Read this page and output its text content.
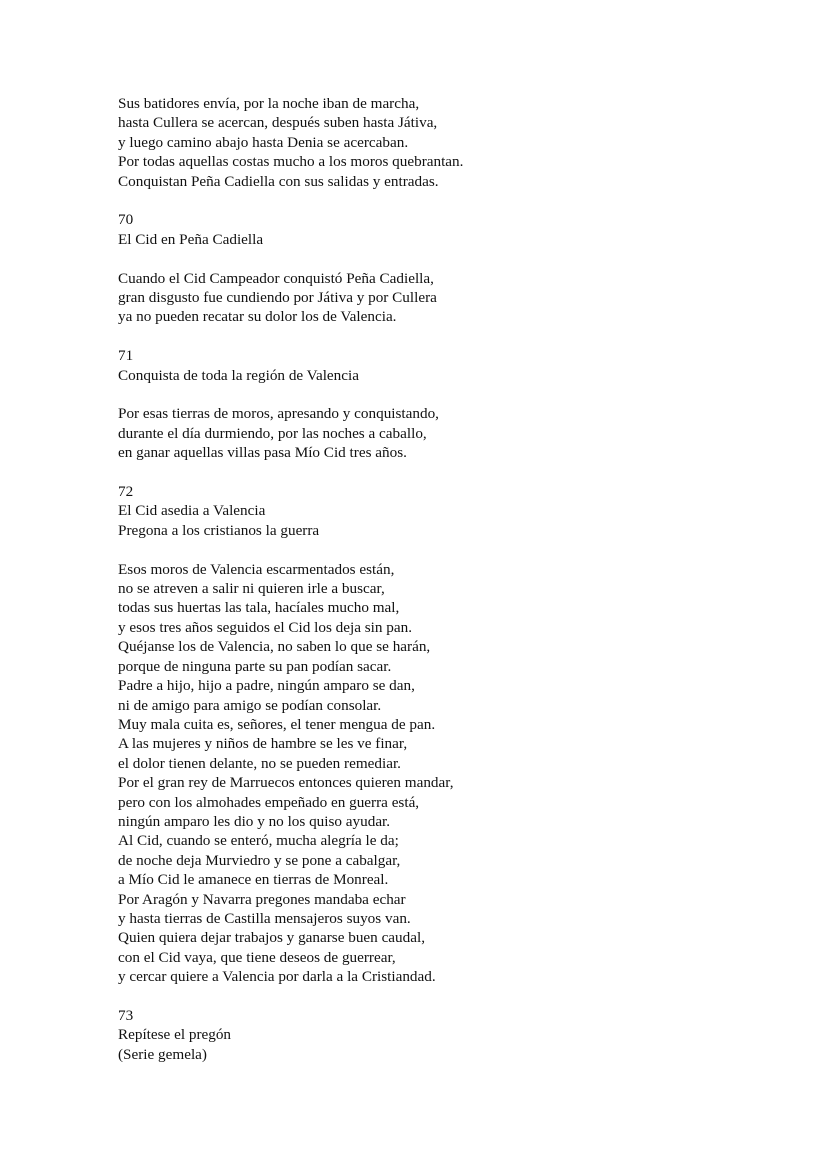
Sus batidores envía, por la noche iban de marcha,
hasta Cullera se acercan, después suben hasta Játiva,
y luego camino abajo hasta Denia se acercaban.
Por todas aquellas costas mucho a los moros quebrantan.
Conquistan Peña Cadiella con sus salidas y entradas.
70
El Cid en Peña Cadiella
Cuando el Cid Campeador conquistó Peña Cadiella,
gran disgusto fue cundiendo por Játiva y por Cullera
ya no pueden recatar su dolor los de Valencia.
71
Conquista de toda la región de Valencia
Por esas tierras de moros, apresando y conquistando,
durante el día durmiendo, por las noches a caballo,
en ganar aquellas villas pasa Mío Cid tres años.
72
El Cid asedia a Valencia
Pregona a los cristianos la guerra
Esos moros de Valencia escarmentados están,
no se atreven a salir ni quieren irle a buscar,
todas sus huertas las tala, hacíales mucho mal,
y esos tres años seguidos el Cid los deja sin pan.
Quéjanse los de Valencia, no saben lo que se harán,
porque de ninguna parte su pan podían sacar.
Padre a hijo, hijo a padre, ningún amparo se dan,
ni de amigo para amigo se podían consolar.
Muy mala cuita es, señores, el tener mengua de pan.
A las mujeres y niños de hambre se les ve finar,
el dolor tienen delante, no se pueden remediar.
Por el gran rey de Marruecos entonces quieren mandar,
pero con los almohades empeñado en guerra está,
ningún amparo les dio y no los quiso ayudar.
Al Cid, cuando se enteró, mucha alegría le da;
de noche deja Murviedro y se pone a cabalgar,
a Mío Cid le amanece en tierras de Monreal.
Por Aragón y Navarra pregones mandaba echar
y hasta tierras de Castilla mensajeros suyos van.
Quien quiera dejar trabajos y ganarse buen caudal,
con el Cid vaya, que tiene deseos de guerrear,
y cercar quiere a Valencia por darla a la Cristiandad.
73
Repítese el pregón
(Serie gemela)
